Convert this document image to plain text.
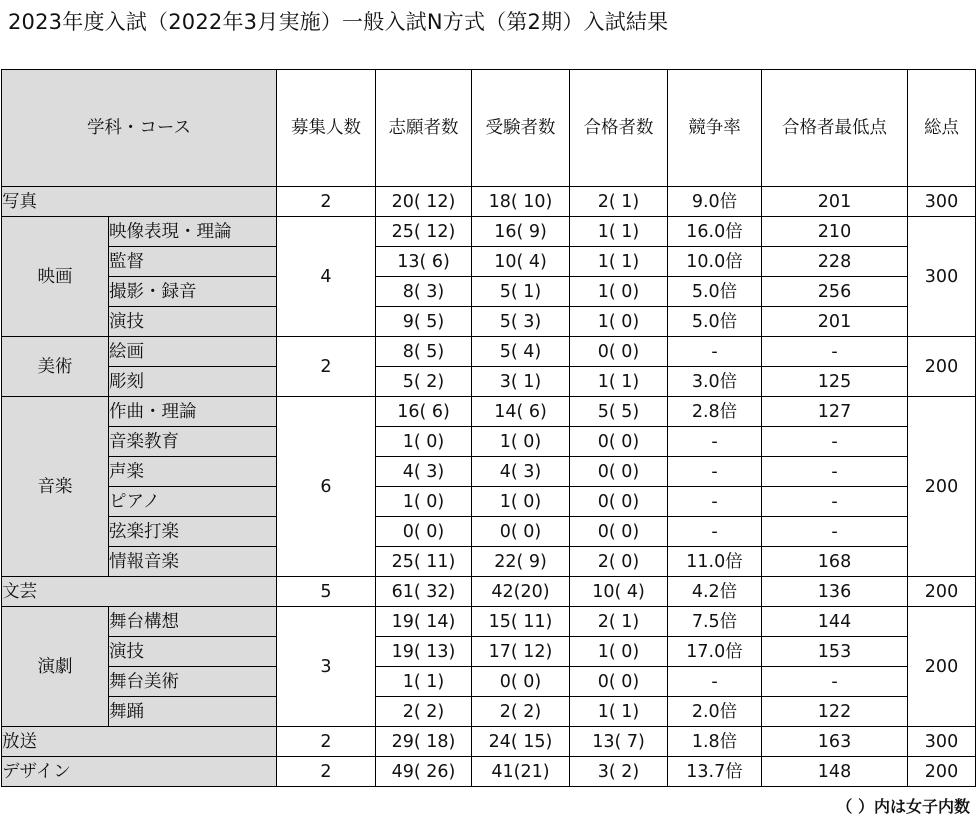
2023年度入試（2022年3月実施）一般入試N方式（第2期）入試結果
学科・コース		募集人数	志願者数	受験者数	合格者数	競争率	合格者最低点	総点
写真		2	20( 12)	18( 10)	2( 1)	9.0倍	201	300
映画	映像表現・理論	4	25( 12)	16( 9)	1( 1)	16.0倍	210	300
	監督		13( 6)	10( 4)	1( 1)	10.0倍	228	
	撮影・録音		8( 3)	5( 1)	1( 0)	5.0倍	256	
	演技		9( 5)	5( 3)	1( 0)	5.0倍	201	
美術	絵画	2	8( 5)	5( 4)	0( 0)	-	-	200
	彫刻		5( 2)	3( 1)	1( 1)	3.0倍	125	
音楽	作曲・理論	6	16( 6)	14( 6)	5( 5)	2.8倍	127	200
	音楽教育		1( 0)	1( 0)	0( 0)	-	-	
	声楽		4( 3)	4( 3)	0( 0)	-	-	
	ピアノ		1( 0)	1( 0)	0( 0)	-	-	
	弦楽打楽		0( 0)	0( 0)	0( 0)	-	-	
	情報音楽		25( 11)	22( 9)	2( 0)	11.0倍	168	
文芸		5	61( 32)	42(20)	10( 4)	4.2倍	136	200
演劇	舞台構想	3	19( 14)	15( 11)	2( 1)	7.5倍	144	200
	演技		19( 13)	17( 12)	1( 0)	17.0倍	153	
	舞台美術		1( 1)	0( 0)	0( 0)	-	-	
	舞踊		2( 2)	2( 2)	1( 1)	2.0倍	122	
放送		2	29( 18)	24( 15)	13( 7)	1.8倍	163	300
デザイン		2	49( 26)	41(21)	3( 2)	13.7倍	148	200
（ ）内は女子内数
